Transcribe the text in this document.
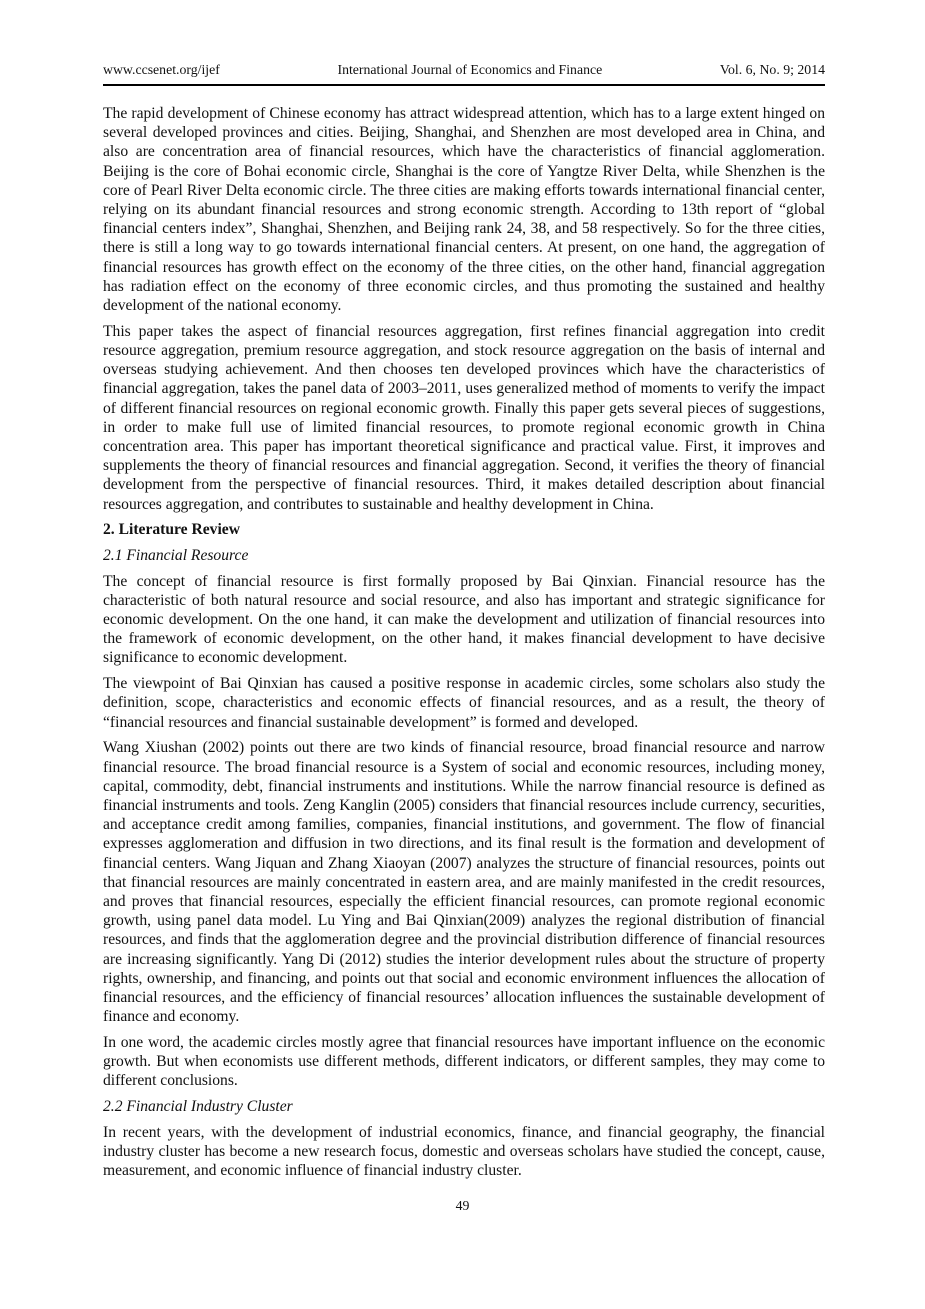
www.ccsenet.org/ijef	International Journal of Economics and Finance	Vol. 6, No. 9; 2014

The rapid development of Chinese economy has attract widespread attention, which has to a large extent hinged on several developed provinces and cities. Beijing, Shanghai, and Shenzhen are most developed area in China, and also are concentration area of financial resources, which have the characteristics of financial agglomeration. Beijing is the core of Bohai economic circle, Shanghai is the core of Yangtze River Delta, while Shenzhen is the core of Pearl River Delta economic circle. The three cities are making efforts towards international financial center, relying on its abundant financial resources and strong economic strength. According to 13th report of “global financial centers index”, Shanghai, Shenzhen, and Beijing rank 24, 38, and 58 respectively. So for the three cities, there is still a long way to go towards international financial centers. At present, on one hand, the aggregation of financial resources has growth effect on the economy of the three cities, on the other hand, financial aggregation has radiation effect on the economy of three economic circles, and thus promoting the sustained and healthy development of the national economy.

This paper takes the aspect of financial resources aggregation, first refines financial aggregation into credit resource aggregation, premium resource aggregation, and stock resource aggregation on the basis of internal and overseas studying achievement. And then chooses ten developed provinces which have the characteristics of financial aggregation, takes the panel data of 2003–2011, uses generalized method of moments to verify the impact of different financial resources on regional economic growth. Finally this paper gets several pieces of suggestions, in order to make full use of limited financial resources, to promote regional economic growth in China concentration area. This paper has important theoretical significance and practical value. First, it improves and supplements the theory of financial resources and financial aggregation. Second, it verifies the theory of financial development from the perspective of financial resources. Third, it makes detailed description about financial resources aggregation, and contributes to sustainable and healthy development in China.

2. Literature Review

2.1 Financial Resource

The concept of financial resource is first formally proposed by Bai Qinxian. Financial resource has the characteristic of both natural resource and social resource, and also has important and strategic significance for economic development. On the one hand, it can make the development and utilization of financial resources into the framework of economic development, on the other hand, it makes financial development to have decisive significance to economic development.

The viewpoint of Bai Qinxian has caused a positive response in academic circles, some scholars also study the definition, scope, characteristics and economic effects of financial resources, and as a result, the theory of “financial resources and financial sustainable development” is formed and developed.

Wang Xiushan (2002) points out there are two kinds of financial resource, broad financial resource and narrow financial resource. The broad financial resource is a System of social and economic resources, including money, capital, commodity, debt, financial instruments and institutions. While the narrow financial resource is defined as financial instruments and tools. Zeng Kanglin (2005) considers that financial resources include currency, securities, and acceptance credit among families, companies, financial institutions, and government. The flow of financial expresses agglomeration and diffusion in two directions, and its final result is the formation and development of financial centers. Wang Jiquan and Zhang Xiaoyan (2007) analyzes the structure of financial resources, points out that financial resources are mainly concentrated in eastern area, and are mainly manifested in the credit resources, and proves that financial resources, especially the efficient financial resources, can promote regional economic growth, using panel data model. Lu Ying and Bai Qinxian(2009) analyzes the regional distribution of financial resources, and finds that the agglomeration degree and the provincial distribution difference of financial resources are increasing significantly. Yang Di (2012) studies the interior development rules about the structure of property rights, ownership, and financing, and points out that social and economic environment influences the allocation of financial resources, and the efficiency of financial resources’ allocation influences the sustainable development of finance and economy.

In one word, the academic circles mostly agree that financial resources have important influence on the economic growth. But when economists use different methods, different indicators, or different samples, they may come to different conclusions.

2.2 Financial Industry Cluster

In recent years, with the development of industrial economics, finance, and financial geography, the financial industry cluster has become a new research focus, domestic and overseas scholars have studied the concept, cause, measurement, and economic influence of financial industry cluster.

49
